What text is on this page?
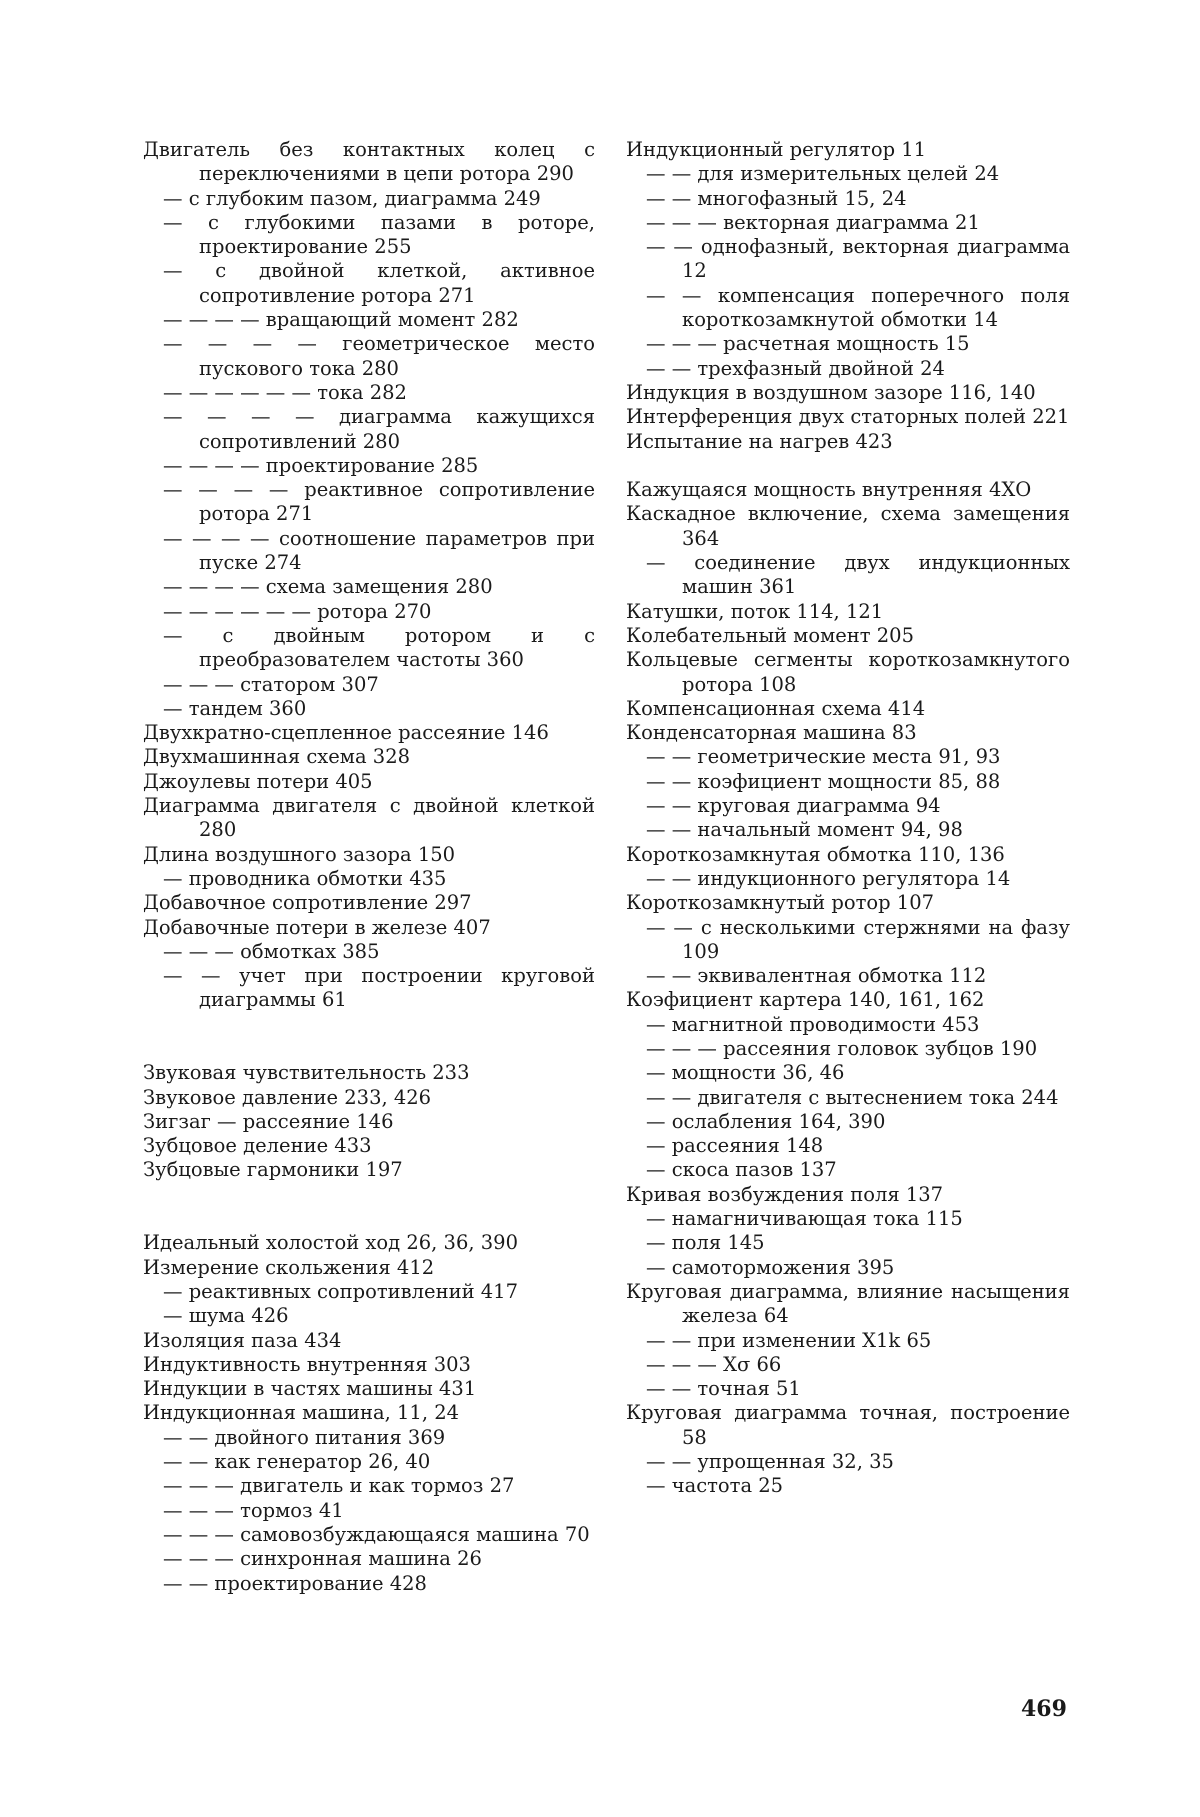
Двигатель без контактных колец с переключениями в цепи ротора 290
— с глубоким пазом, диаграмма 249
— с глубокими пазами в роторе, проектирование 255
— с двойной клеткой, активное сопротивление ротора 271
— — — — вращающий момент 282
— — — — геометрическое место пускового тока 280
— — — — — — тока 282
— — — — диаграмма кажущихся сопротивлений 280
— — — — проектирование 285
— — — — реактивное сопротивление ротора 271
— — — — соотношение параметров при пуске 274
— — — — схема замещения 280
— — — — — — ротора 270
— с двойным ротором и с преобразователем частоты 360
— — — статором 307
— тандем 360
Двухкратно-сцепленное рассеяние 146
Двухмашинная схема 328
Джоулевы потери 405
Диаграмма двигателя с двойной клеткой 280
Длина воздушного зазора 150
— проводника обмотки 435
Добавочное сопротивление 297
Добавочные потери в железе 407
— — — обмотках 385
— — учет при построении круговой диаграммы 61
Звуковая чувствительность 233
Звуковое давление 233, 426
Зигзаг — рассеяние 146
Зубцовое деление 433
Зубцовые гармоники 197
Идеальный холостой ход 26, 36, 390
Измерение скольжения 412
— реактивных сопротивлений 417
— шума 426
Изоляция паза 434
Индуктивность внутренняя 303
Индукции в частях машины 431
Индукционная машина, 11, 24
— — двойного питания 369
— — как генератор 26, 40
— — — двигатель и как тормоз 27
— — — тормоз 41
— — — самовозбуждающаяся машина 70
— — — синхронная машина 26
— — проектирование 428
Индукционный регулятор 11
— — для измерительных целей 24
— — многофазный 15, 24
— — — векторная диаграмма 21
— — однофазный, векторная диаграмма 12
— — компенсация поперечного поля короткозамкнутой обмотки 14
— — — расчетная мощность 15
— — трехфазный двойной 24
Индукция в воздушном зазоре 116, 140
Интерференция двух статорных полей 221
Испытание на нагрев 423
Кажущаяся мощность внутренняя 4ХО
Каскадное включение, схема замещения 364
— соединение двух индукционных машин 361
Катушки, поток 114, 121
Колебательный момент 205
Кольцевые сегменты короткозамкнутого ротора 108
Компенсационная схема 414
Конденсаторная машина 83
— — геометрические места 91, 93
— — коэфициент мощности 85, 88
— — круговая диаграмма 94
— — начальный момент 94, 98
Короткозамкнутая обмотка 110, 136
— — индукционного регулятора 14
Короткозамкнутый ротор 107
— — с несколькими стержнями на фазу 109
— — эквивалентная обмотка 112
Коэфициент картера 140, 161, 162
— магнитной проводимости 453
— — — рассеяния головок зубцов 190
— мощности 36, 46
— — двигателя с вытеснением тока 244
— ослабления 164, 390
— рассеяния 148
— скоса пазов 137
Кривая возбуждения поля 137
— намагничивающая тока 115
— поля 145
— самоторможения 395
Круговая диаграмма, влияние насыщения железа 64
— — при изменении X1k 65
— — — Xσ 66
— — точная 51
Круговая диаграмма точная, построение 58
— — упрощенная 32, 35
— частота 25
469
